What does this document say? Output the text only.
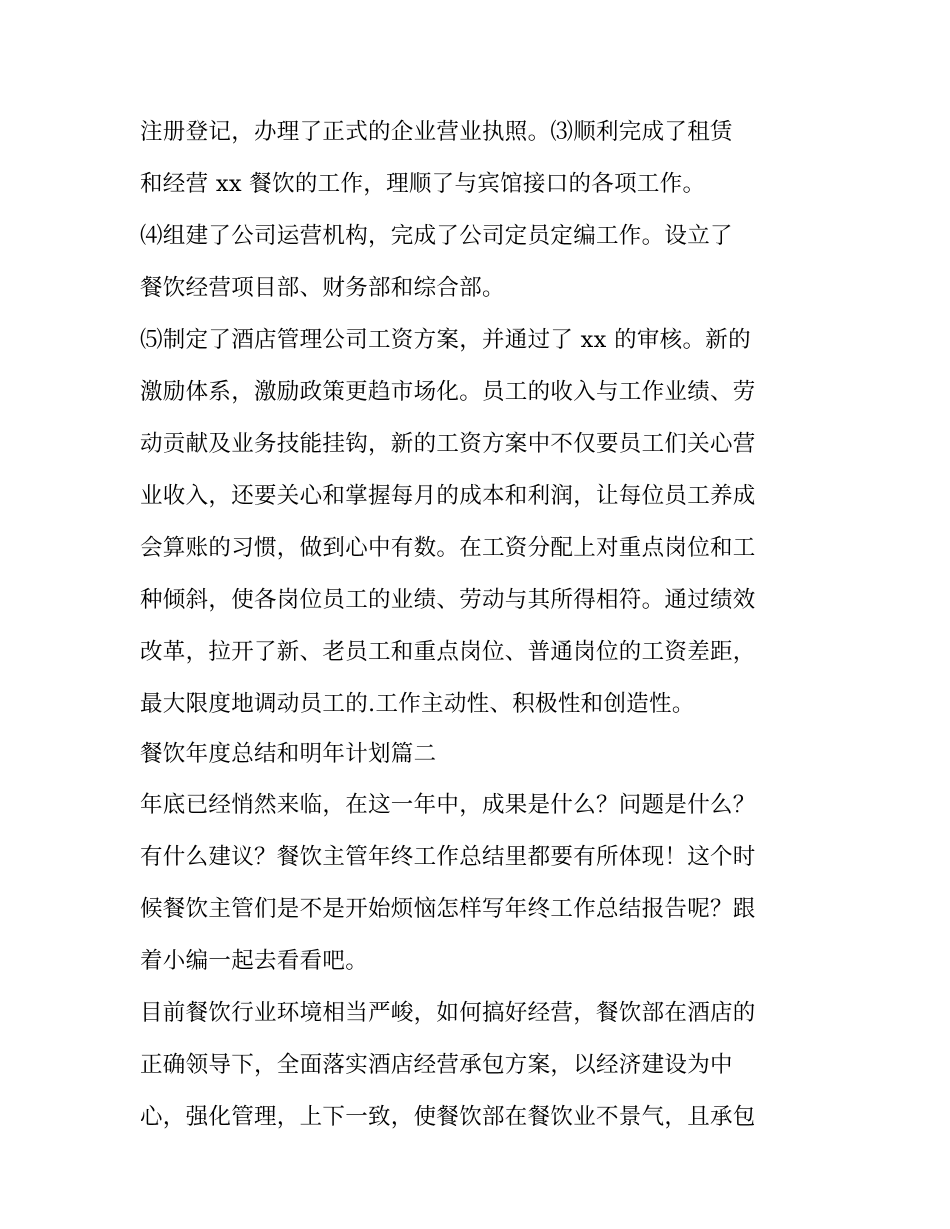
注册登记，办理了正式的企业营业执照。⑶顺利完成了租赁
和经营 xx 餐饮的工作，理顺了与宾馆接口的各项工作。
⑷组建了公司运营机构，完成了公司定员定编工作。设立了
餐饮经营项目部、财务部和综合部。
⑸制定了酒店管理公司工资方案，并通过了 xx 的审核。新的
激励体系，激励政策更趋市场化。员工的收入与工作业绩、劳
动贡献及业务技能挂钩，新的工资方案中不仅要员工们关心营
业收入，还要关心和掌握每月的成本和利润，让每位员工养成
会算账的习惯，做到心中有数。在工资分配上对重点岗位和工
种倾斜，使各岗位员工的业绩、劳动与其所得相符。通过绩效
改革，拉开了新、老员工和重点岗位、普通岗位的工资差距，
最大限度地调动员工的.工作主动性、积极性和创造性。
餐饮年度总结和明年计划篇二
年底已经悄然来临，在这一年中，成果是什么？问题是什么？
有什么建议？餐饮主管年终工作总结里都要有所体现！这个时
候餐饮主管们是不是开始烦恼怎样写年终工作总结报告呢？跟
着小编一起去看看吧。
目前餐饮行业环境相当严峻，如何搞好经营，餐饮部在酒店的
正确领导下，全面落实酒店经营承包方案，以经济建设为中
心，强化管理，上下一致，使餐饮部在餐饮业不景气，且承包
